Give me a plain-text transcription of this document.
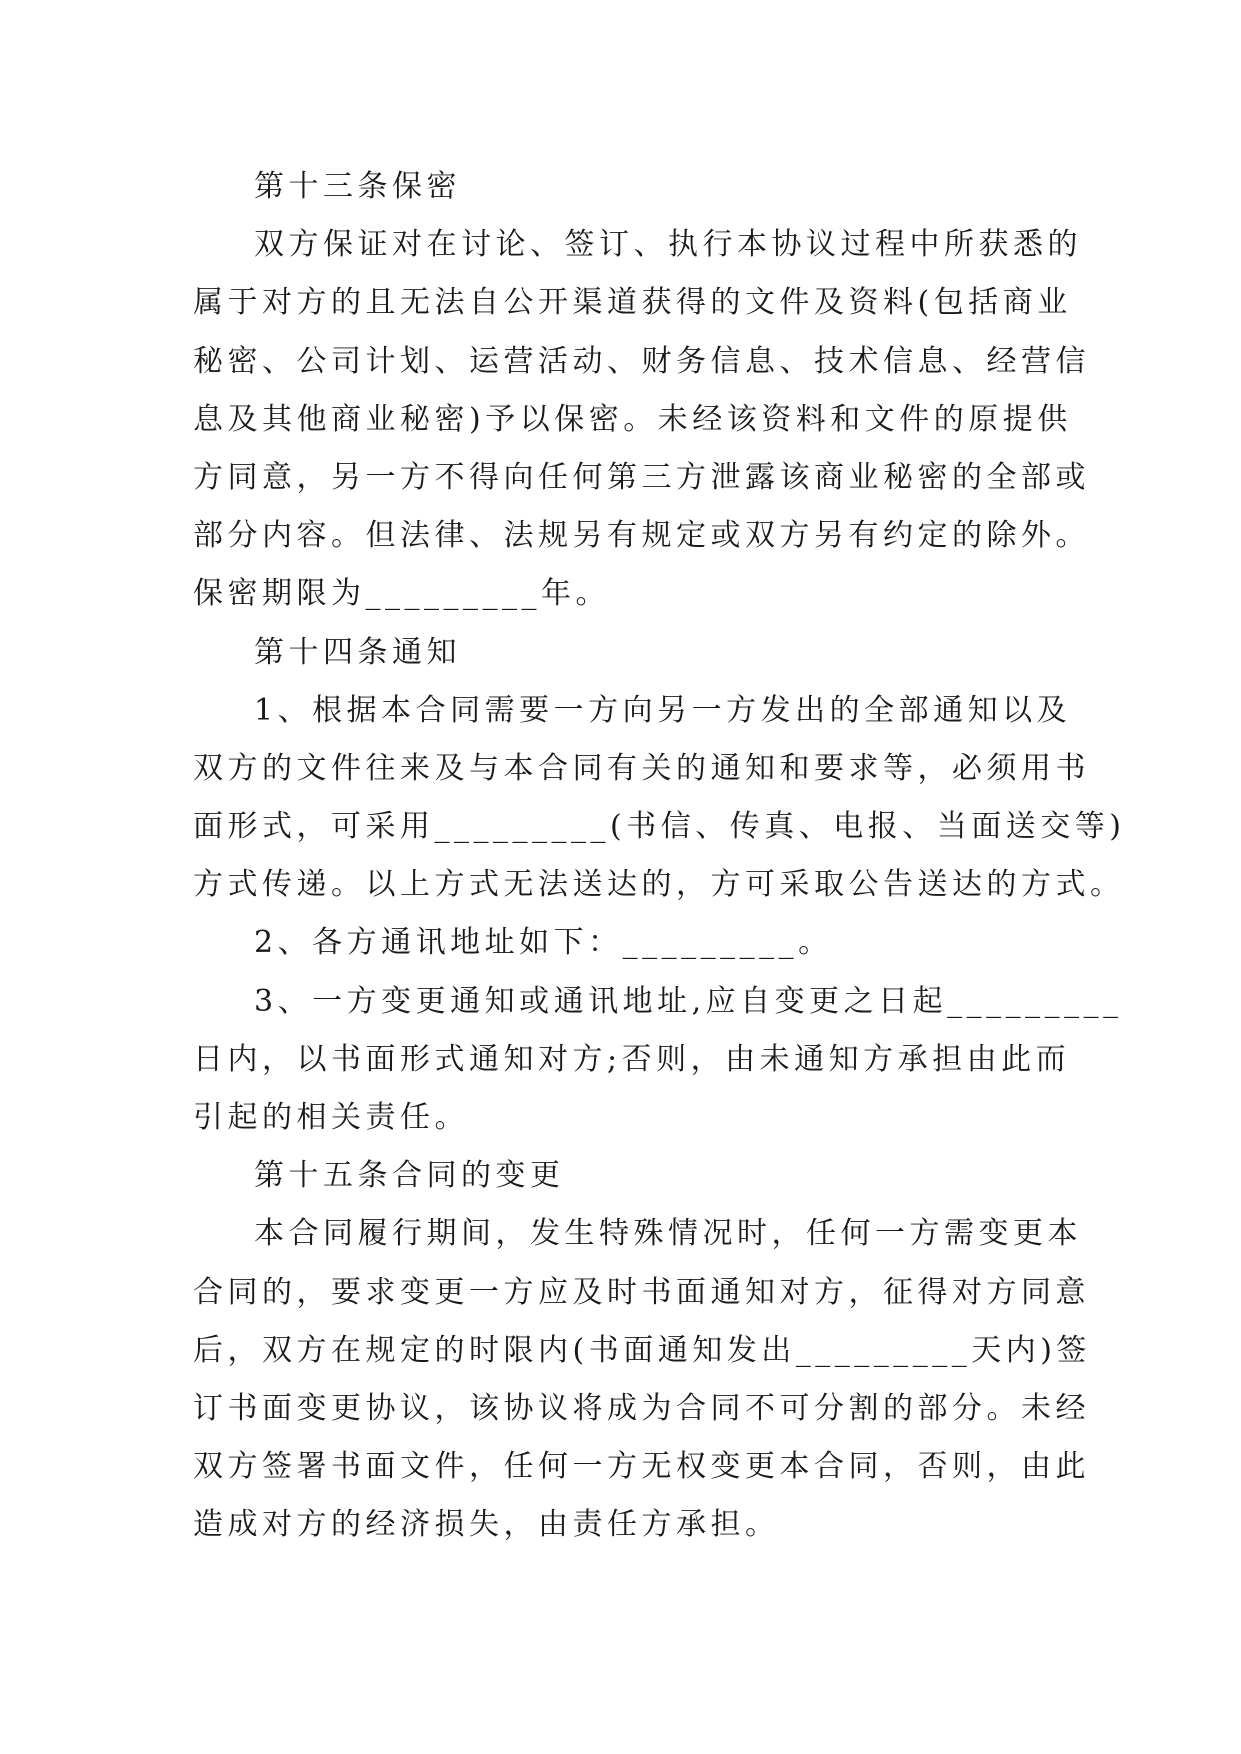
第十三条保密
双方保证对在讨论、签订、执行本协议过程中所获悉的
属于对方的且无法自公开渠道获得的文件及资料(包括商业
秘密、公司计划、运营活动、财务信息、技术信息、经营信
息及其他商业秘密)予以保密。未经该资料和文件的原提供
方同意，另一方不得向任何第三方泄露该商业秘密的全部或
部分内容。但法律、法规另有规定或双方另有约定的除外。
保密期限为_________年。
第十四条通知
1、根据本合同需要一方向另一方发出的全部通知以及
双方的文件往来及与本合同有关的通知和要求等，必须用书
面形式，可采用_________(书信、传真、电报、当面送交等)
方式传递。以上方式无法送达的，方可采取公告送达的方式。
2、各方通讯地址如下：_________。
3、一方变更通知或通讯地址,应自变更之日起_________
日内，以书面形式通知对方;否则，由未通知方承担由此而
引起的相关责任。
第十五条合同的变更
本合同履行期间，发生特殊情况时，任何一方需变更本
合同的，要求变更一方应及时书面通知对方，征得对方同意
后，双方在规定的时限内(书面通知发出_________天内)签
订书面变更协议，该协议将成为合同不可分割的部分。未经
双方签署书面文件，任何一方无权变更本合同，否则，由此
造成对方的经济损失，由责任方承担。
